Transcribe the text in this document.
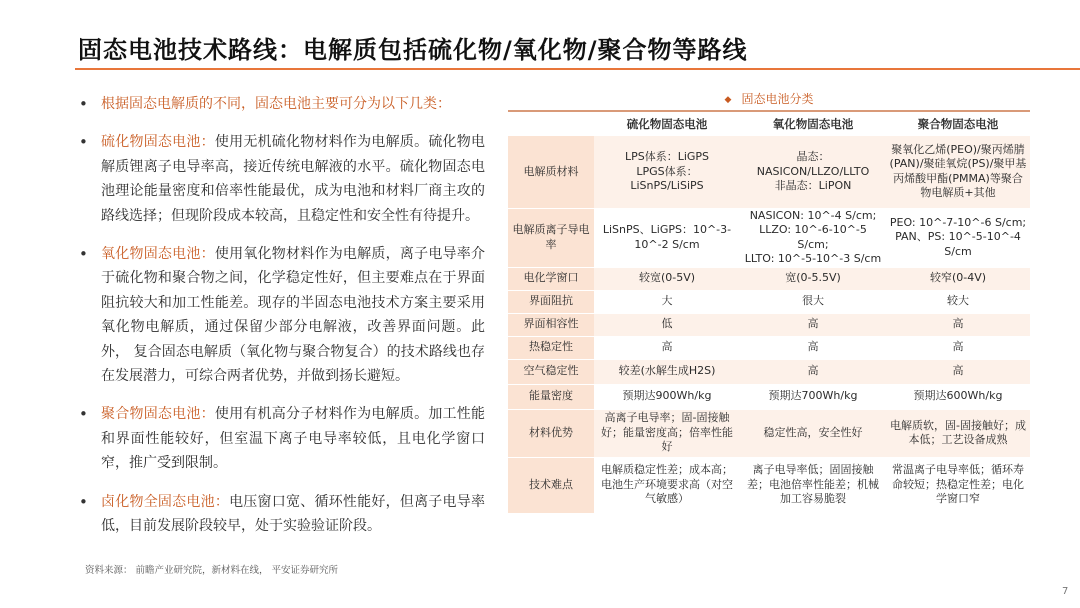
固态电池技术路线：电解质包括硫化物/氧化物/聚合物等路线
• 根据固态电解质的不同，固态电池主要可分为以下几类：
• 硫化物固态电池：使用无机硫化物材料作为电解质。硫化物电解质锂离子电导率高，接近传统电解液的水平。硫化物固态电池理论能量密度和倍率性能最优，成为电池和材料厂商主攻的路线选择；但现阶段成本较高，且稳定性和安全性有待提升。
• 氧化物固态电池：使用氧化物材料作为电解质，离子电导率介于硫化物和聚合物之间，化学稳定性好，但主要难点在于界面阻抗较大和加工性能差。现存的半固态电池技术方案主要采用氧化物电解质，通过保留少部分电解液，改善界面问题。此外， 复合固态电解质（氧化物与聚合物复合）的技术路线也存在发展潜力，可综合两者优势，并做到扬长避短。
• 聚合物固态电池：使用有机高分子材料作为电解质。加工性能和界面性能较好，但室温下离子电导率较低，且电化学窗口窄，推广受到限制。
• 卤化物全固态电池：电压窗口宽、循环性能好，但离子电导率低，目前发展阶段较早，处于实验验证阶段。
资料来源： 前瞻产业研究院，新材料在线， 平安证券研究所
7
◆ 固态电池分类
	硫化物固态电池	氧化物固态电池	聚合物固态电池
电解质材料	LPS体系：LiGPS
LPGS体系：
LiSnPS/LiSiPS	晶态：
NASICON/LLZO/LLTO
非晶态：LiPON	聚氧化乙烯(PEO)/聚丙烯腈(PAN)/聚硅氧烷(PS)/聚甲基丙烯酸甲酯(PMMA)等聚合物电解质+其他
电解质离子导电率	LiSnPS、LiGPS：10^-3-10^-2 S/cm	NASICON: 10^-4 S/cm;
LLZO: 10^-6-10^-5 S/cm;
LLTO: 10^-5-10^-3 S/cm	PEO: 10^-7-10^-6 S/cm;
PAN、PS: 10^-5-10^-4 S/cm
电化学窗口	较宽(0-5V)	宽(0-5.5V)	较窄(0-4V)
界面阻抗	大	很大	较大
界面相容性	低	高	高
热稳定性	高	高	高
空气稳定性	较差(水解生成H2S)	高	高
能量密度	预期达900Wh/kg	预期达700Wh/kg	预期达600Wh/kg
材料优势	高离子电导率；固-固接触好；能量密度高；倍率性能好	稳定性高，安全性好	电解质软，固-固接触好；成本低；工艺设备成熟
技术难点	电解质稳定性差；成本高；电池生产环境要求高（对空气敏感）	离子电导率低；固固接触差；电池倍率性能差；机械加工容易脆裂	常温离子电导率低；循环寿命较短；热稳定性差；电化学窗口窄
